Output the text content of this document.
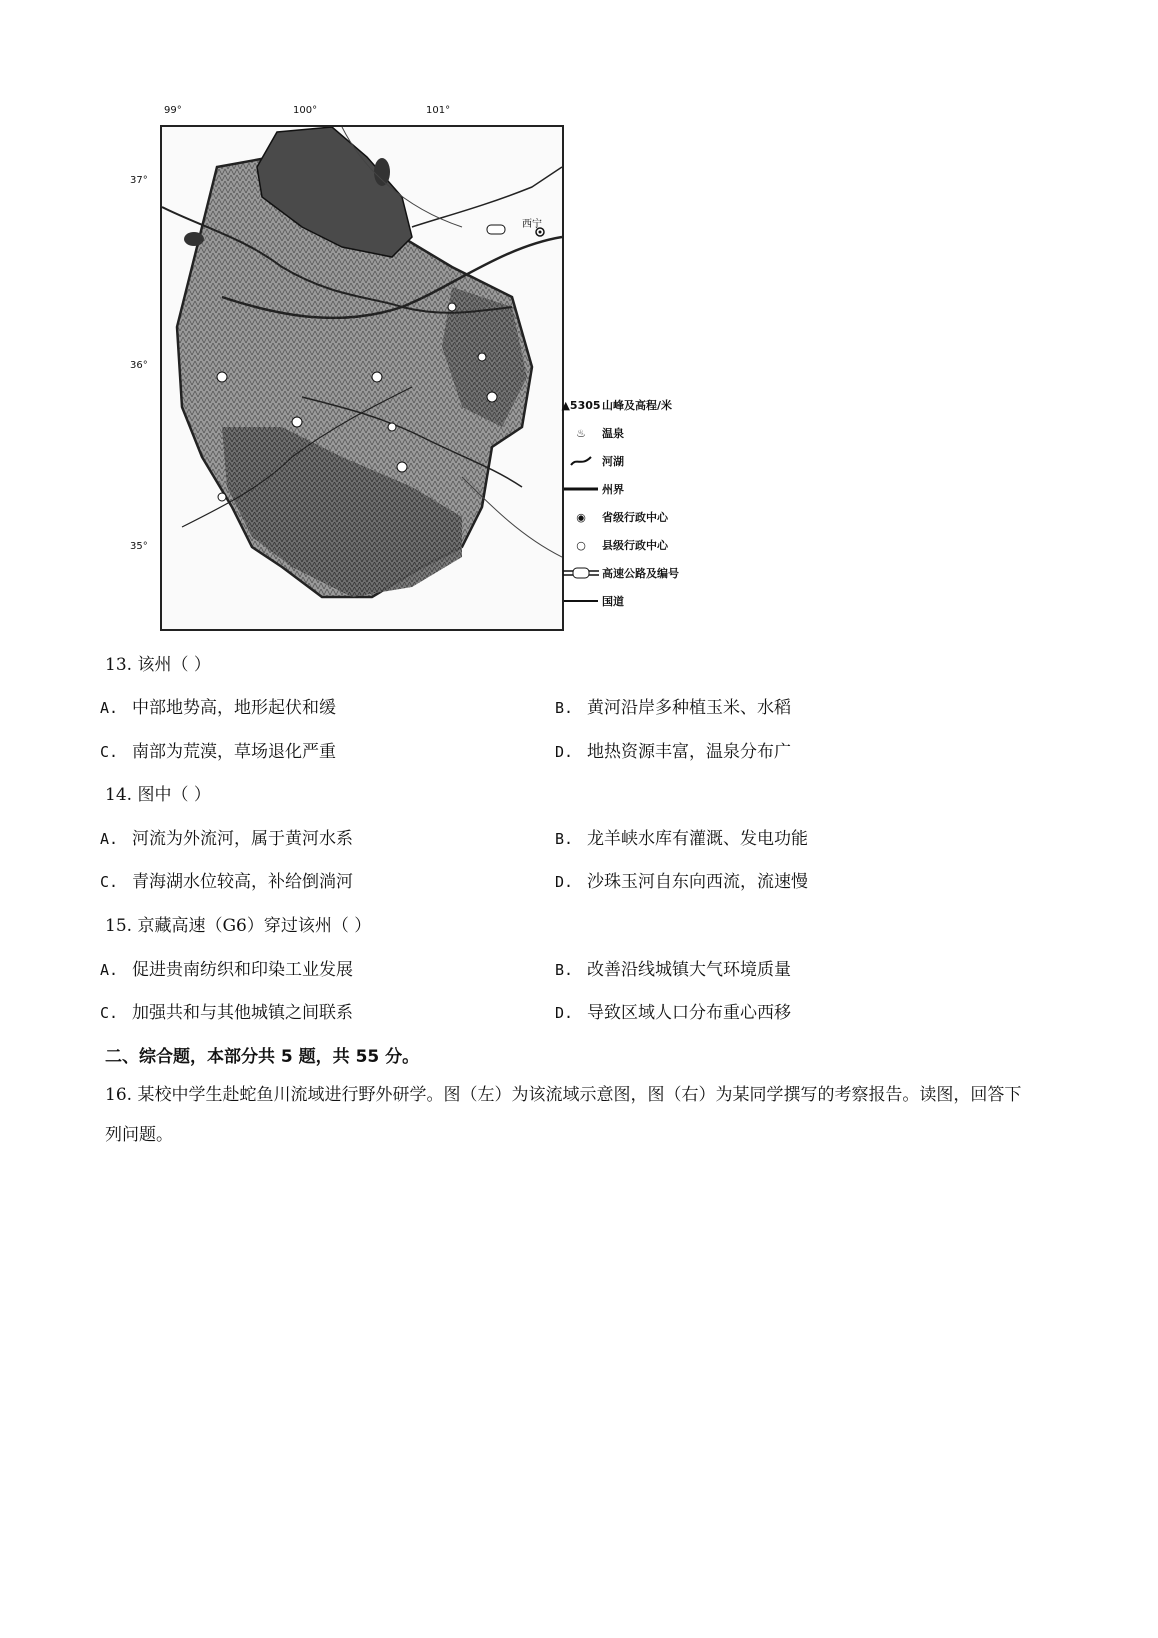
99°	100°	101°
37°
36°
35°
西宁
▲5305 山峰及高程/米
♨	温泉
河湖
州界
◉	省级行政中心
○	县级行政中心
高速公路及编号
国道
13. 该州（ ）
A. 中部地势高，地形起伏和缓	B. 黄河沿岸多种植玉米、水稻
C. 南部为荒漠，草场退化严重	D. 地热资源丰富，温泉分布广
14. 图中（ ）
A. 河流为外流河，属于黄河水系	B. 龙羊峡水库有灌溉、发电功能
C. 青海湖水位较高，补给倒淌河	D. 沙珠玉河自东向西流，流速慢
15. 京藏高速（G6）穿过该州（ ）
A. 促进贵南纺织和印染工业发展	B. 改善沿线城镇大气环境质量
C. 加强共和与其他城镇之间联系	D. 导致区域人口分布重心西移
二、综合题，本部分共 5 题，共 55 分。
16. 某校中学生赴蛇鱼川流域进行野外研学。图（左）为该流域示意图，图（右）为某同学撰写的考察报告。读图，回答下列问题。
